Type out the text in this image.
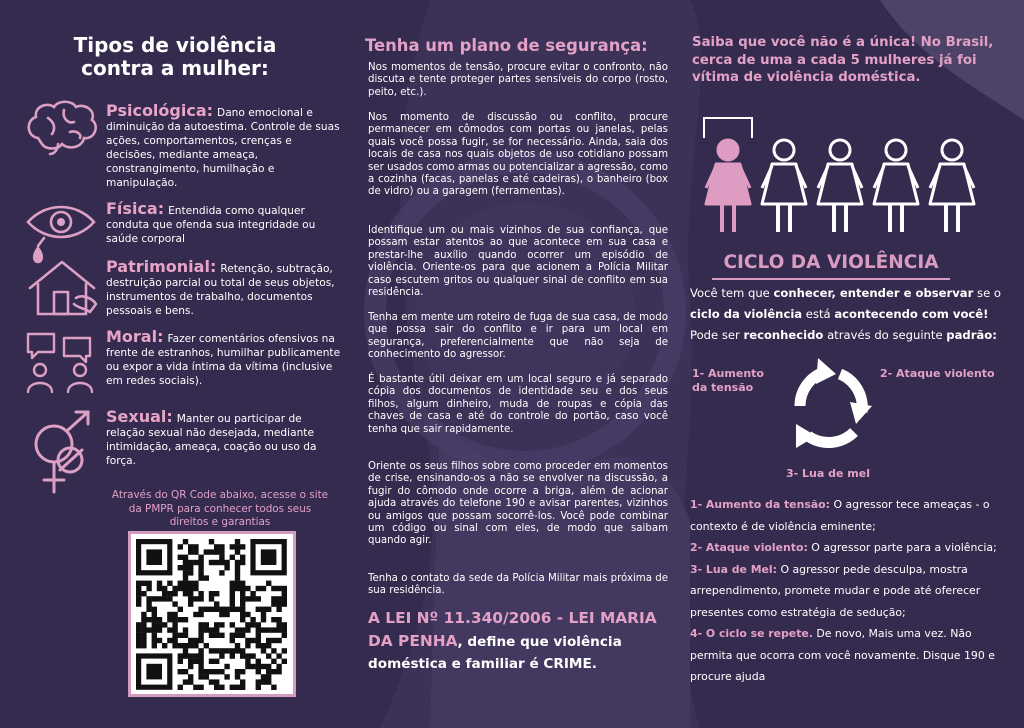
Tipos de violência
contra a mulher:
Psicológica: Dano emocional e diminuição da autoestima. Controle de suas ações, comportamentos, crenças e decisões, mediante ameaça, constrangimento, humilhação e manipulação.
Física: Entendida como qualquer conduta que ofenda sua integridade ou saúde corporal
Patrimonial: Retenção, subtração, destruição parcial ou total de seus objetos, instrumentos de trabalho, documentos pessoais e bens.
Moral: Fazer comentários ofensivos na frente de estranhos, humilhar publicamente ou expor a vida íntima da vítima (inclusive em redes sociais).
Sexual: Manter ou participar de relação sexual não desejada, mediante intimidação, ameaça, coação ou uso da força.
Através do QR Code abaixo, acesse o site da PMPR para conhecer todos seus direitos e garantias
Tenha um plano de segurança:
Nos momentos de tensão, procure evitar o confronto, não discuta e tente proteger partes sensíveis do corpo (rosto, peito, etc.).
Nos momento de discussão ou conflito, procure permanecer em cômodos com portas ou janelas, pelas quais você possa fugir, se for necessário. Ainda, saia dos locais de casa nos quais objetos de uso cotidiano possam ser usados como armas ou potencializar a agressão, como a cozinha (facas, panelas e até cadeiras), o banheiro (box de vidro) ou a garagem (ferramentas).
Identifique um ou mais vizinhos de sua confiança, que possam estar atentos ao que acontece em sua casa e prestar-lhe auxílio quando ocorrer um episódio de violência. Oriente-os para que acionem a Polícia Militar caso escutem gritos ou qualquer sinal de conflito em sua residência.
Tenha em mente um roteiro de fuga de sua casa, de modo que possa sair do conflito e ir para um local em segurança, preferencialmente que não seja de conhecimento do agressor.
É bastante útil deixar em um local seguro e já separado cópia dos documentos de identidade seu e dos seus filhos, algum dinheiro, muda de roupas e cópia das chaves de casa e até do controle do portão, caso você tenha que sair rapidamente.
Oriente os seus filhos sobre como proceder em momentos de crise, ensinando-os a não se envolver na discussão, a fugir do cômodo onde ocorre a briga, além de acionar ajuda através do telefone 190 e avisar parentes, vizinhos ou amigos que possam socorrê-los. Você pode combinar um código ou sinal com eles, de modo que saibam quando agir.
Tenha o contato da sede da Polícia Militar mais próxima de sua residência.
A LEI Nº 11.340/2006 - LEI MARIA DA PENHA, define que violência doméstica e familiar é CRIME.
Saiba que você não é a única! No Brasil, cerca de uma a cada 5 mulheres já foi vítima de violência doméstica.
CICLO DA VIOLÊNCIA
Você tem que conhecer, entender e observar se o ciclo da violência está acontecendo com você! Pode ser reconhecido através do seguinte padrão:
1- Aumento
da tensão
2- Ataque violento
3- Lua de mel
1- Aumento da tensão: O agressor tece ameaças - o contexto é de violência eminente;
2- Ataque violento: O agressor parte para a violência;
3- Lua de Mel: O agressor pede desculpa, mostra arrependimento, promete mudar e pode até oferecer presentes como estratégia de sedução;
4- O ciclo se repete. De novo, Mais uma vez. Não permita que ocorra com você novamente. Disque 190 e procure ajuda
